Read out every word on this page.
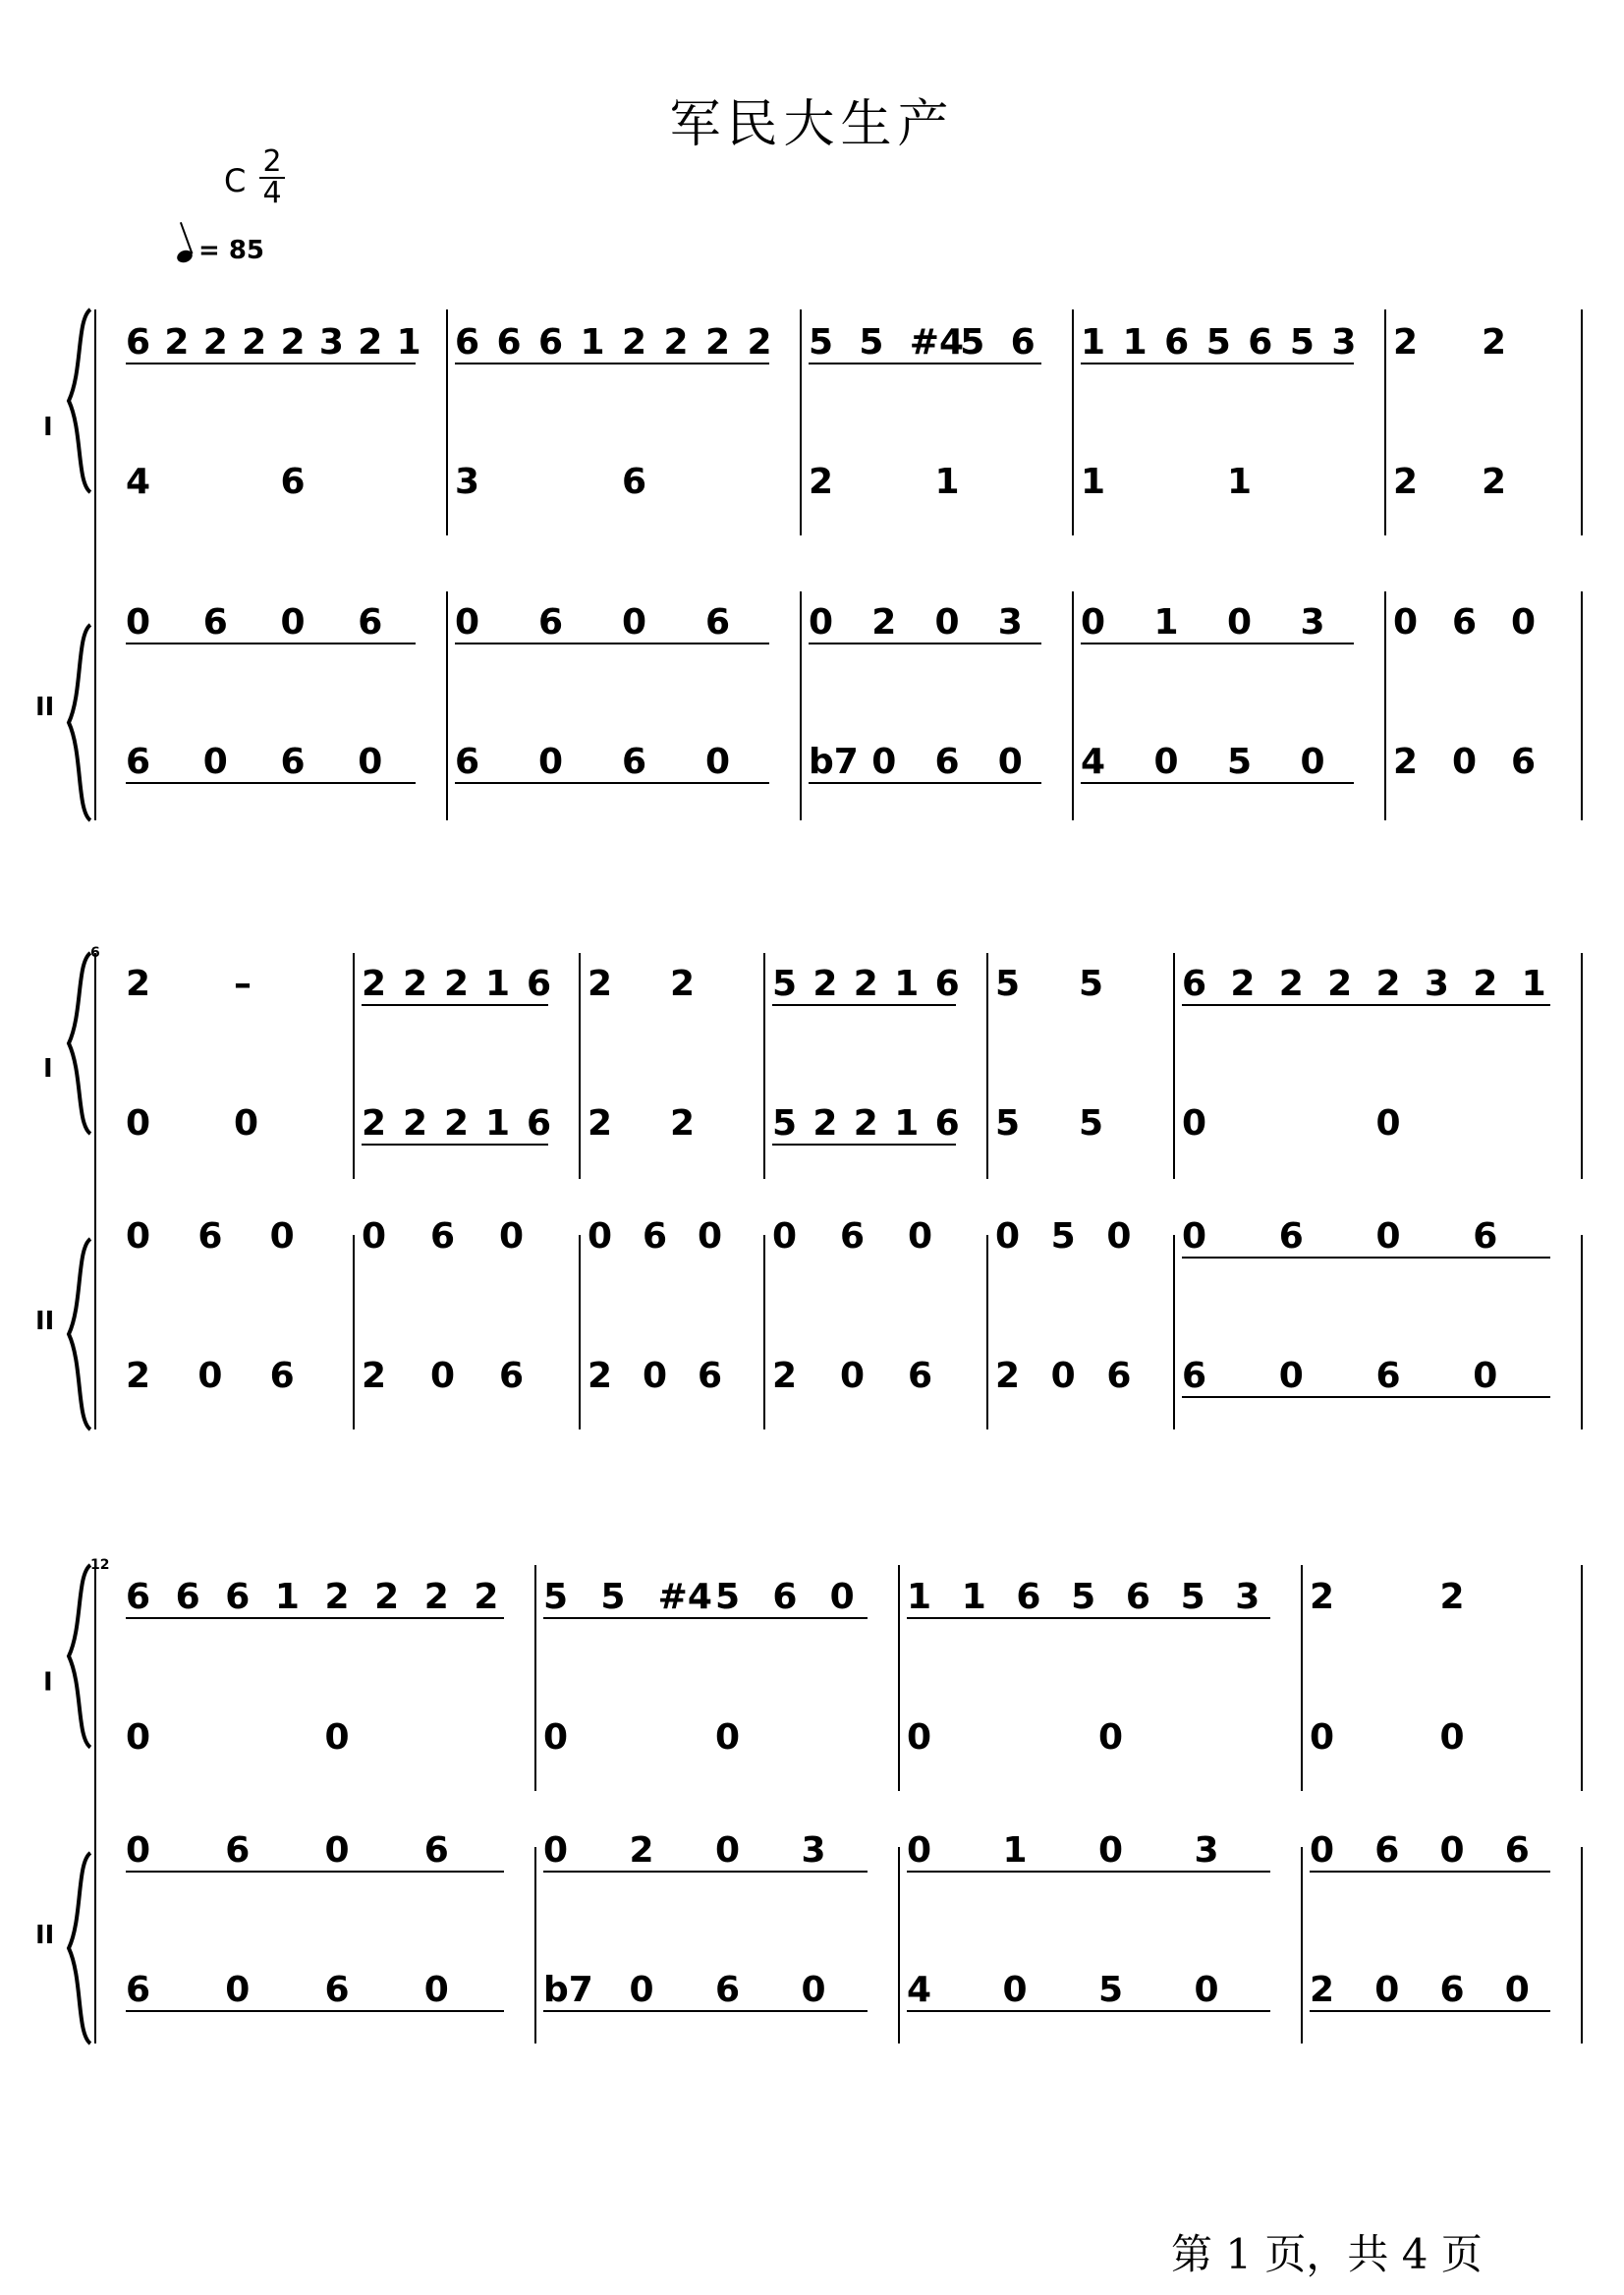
军民大生产
C $\frac{2}{4}$
= 85
I
II
6 2 2 2 2 3 2 1
4	6
0 6 0 6
6 0 6 0
6 6 6 1 2 2 2 2
3	6
0 6 0 6
6 0 6 0
5 5 #4
5 6
2	1
0 2 0 3
b7 0 6 0
1 1 6 5 6 5 3
1	1
0 1 0 3
4 0 5 0
2 2
2 2
0 6 0
2 0 6
I
II
6
2 –
0 0
0 6 0
2 0 6
2 2 2 1 6
2 2 2 1 6
0 6 0
2 0 6
2 2
2 2
0 6 0
2 0 6
5 2 2 1 6
5 2 2 1 6
0 6 0
2 0 6
5 5
5 5
0 5 0
2 0 6
6 2 2 2 2 3 2 1
0	0
0 6 0 6
6 0 6 0
I
II
12
6 6 6 1 2 2 2 2
0	0
0 6 0 6
6 0 6 0
5 5 #4 5 6 0
0	0
0 2 0 3
b7 0 6 0
1 1 6 5 6 5 3
0	0
0 1 0 3
4 0 5 0
2	2
0	0
0 6 0 6
2 0 6 0
第 1 页，共 4 页
